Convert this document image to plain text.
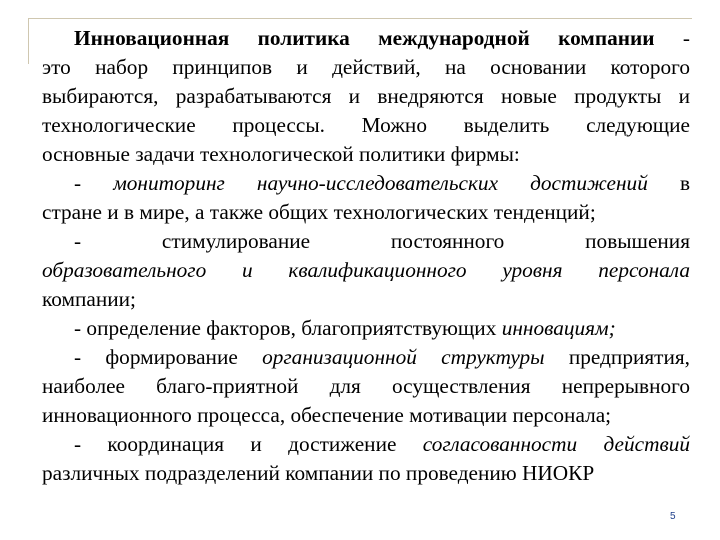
Инновационная политика международной компании -
это набор принципов и действий, на основании которого
выбираются, разрабатываются и внедряются новые продукты и
технологические процессы. Можно выделить следующие
основные задачи технологической политики фирмы:
- мониторинг научно-исследовательских достижений в
стране и в мире, а также общих технологических тенденций;
- стимулирование постоянного повышения
образовательного и квалификационного уровня персонала
компании;
- определение факторов, благоприятствующих инновациям;
- формирование организационной структуры предприятия,
наиболее благо-приятной для осуществления непрерывного
инновационного процесса, обеспечение мотивации персонала;
- координация и достижение согласованности действий
различных подразделений компании по проведению НИОКР
5
